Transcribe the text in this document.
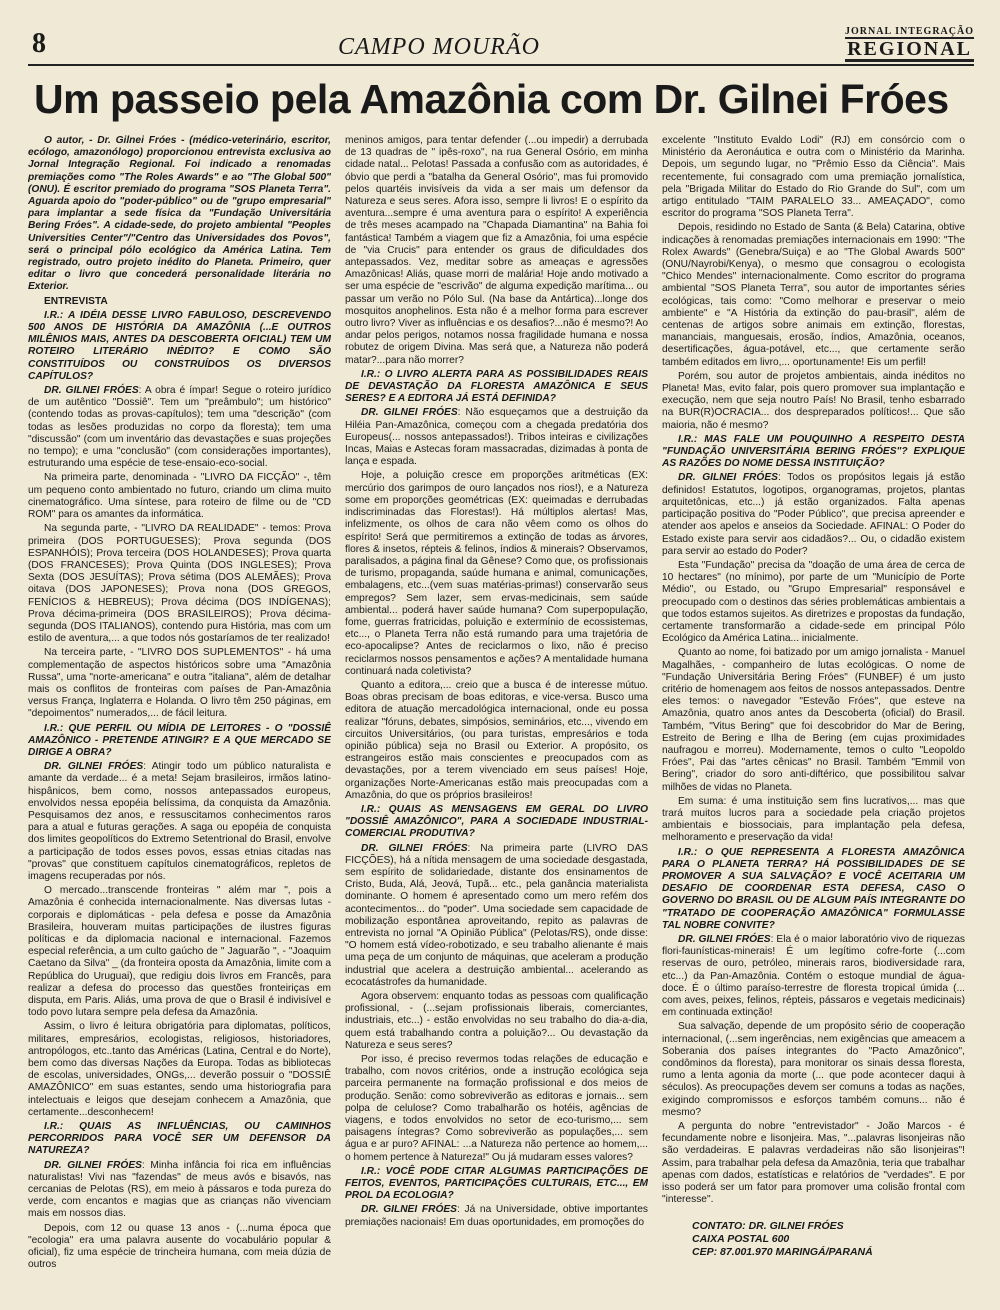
8	CAMPO MOURÃO
JORNAL INTEGRAÇÃO
REGIONAL
Um passeio pela Amazônia com Dr. Gilnei Fróes

O autor, - Dr. Gilnei Fróes - (médico-veterinário, escritor, ecólogo, amazonólogo) proporcionou entrevista exclusiva ao Jornal Integração Regional. Foi indicado a renomadas premiações como "The Roles Awards" e ao "The Global 500" (ONU). É escritor premiado do programa "SOS Planeta Terra". Aguarda apoio do "poder-público" ou de "grupo empresarial" para implantar a sede física da "Fundação Universitária Bering Fróes". A cidade-sede, do projeto ambiental "Peoples Universities Center"/"Centro das Universidades dos Povos", será o principal pólo ecológico da América Latina. Tem registrado, outro projeto inédito do Planeta. Primeiro, quer editar o livro que concederá personalidade literária no Exterior.

ENTREVISTA

I.R.: A IDÉIA DESSE LIVRO FABULOSO, DESCREVENDO 500 ANOS DE HISTÓRIA DA AMAZÔNIA (...E OUTROS MILÊNIOS MAIS, ANTES DA DESCOBERTA OFICIAL) TEM UM ROTEIRO LITERÁRIO INÉDITO? E COMO SÃO CONSTITUÍDOS OU CONSTRUÍDOS OS DIVERSOS CAPÍTULOS?

DR. GILNEI FRÓES: A obra é ímpar! Segue o roteiro jurídico de um autêntico "Dossiê". Tem um "preâmbulo"; um histórico" (contendo todas as provas-capítulos); tem uma "descrição" (com todas as lesões produzidas no corpo da floresta); tem uma "discussão" (com um inventário das devastações e suas projeções no tempo); e uma "conclusão" (com considerações importantes), estruturando uma espécie de tese-ensaio-eco-social.

Na primeira parte, denominada - "LIVRO DA FICÇÃO" -, têm um pequeno conto ambientado no futuro, criando um clima muito cinematográfico. Uma síntese, para roteiro de filme ou de "CD ROM" para os amantes da informática.

Na segunda parte, - "LIVRO DA REALIDADE" - temos: Prova primeira (DOS PORTUGUESES); Prova segunda (DOS ESPANHÓIS); Prova terceira (DOS HOLANDESES); Prova quarta (DOS FRANCESES); Prova Quinta (DOS INGLESES); Prova Sexta (DOS JESUÍTAS); Prova sétima (DOS ALEMÃES); Prova oitava (DOS JAPONESES); Prova nona (DOS GREGOS, FENÍCIOS & HEBREUS); Prova décima (DOS INDÍGENAS); Prova décima-primeira (DOS BRASILEIROS); Prova décima-segunda (DOS ITALIANOS), contendo pura História, mas com um estilo de aventura,... a que todos nós gostaríamos de ter realizado!

Na terceira parte, - "LIVRO DOS SUPLEMENTOS" - há uma complementação de aspectos históricos sobre uma "Amazônia Russa", uma "norte-americana" e outra "italiana", além de detalhar mais os conflitos de fronteiras com países de Pan-Amazônia versus França, Inglaterra e Holanda. O livro têm 250 páginas, em "depoimentos" numerados,... de fácil leitura.

I.R.: QUE PERFIL OU MÍDIA DE LEITORES - O "DOSSIÊ AMAZÔNICO - PRETENDE ATINGIR? E A QUE MERCADO SE DIRIGE A OBRA?

DR. GILNEI FRÓES: Atingir todo um público naturalista e amante da verdade... é a meta! Sejam brasileiros, irmãos latino-hispânicos, bem como, nossos antepassados europeus, envolvidos nessa epopéia belíssima, da conquista da Amazônia. Pesquisamos dez anos, e ressuscitamos conhecimentos raros para a atual e futuras gerações. A saga ou epopéia de conquista dos limites geopolíticos do Extremo Setentrional do Brasil, envolve a participação de todos esses povos, essas etnias citadas nas "provas" que constituem capítulos cinematográficos, repletos de imagens recuperadas por nós.

O mercado...transcende fronteiras " além mar ", pois a Amazônia é conhecida internacionalmente. Nas diversas lutas - corporais e diplomáticas - pela defesa e posse da Amazônia Brasileira, houveram muitas participações de ilustres figuras políticas e da diplomacia nacional e internacional. Fazemos especial referência, a um culto gaúcho de " Jaguarão ", - "Joaquim Caetano da Silva" _ (da fronteira oposta da Amazônia, limite com a República do Uruguai), que redigiu dois livros em Francês, para realizar a defesa do processo das questões fronteiriças em disputa, em Paris. Aliás, uma prova de que o Brasil é indivisível e todo povo lutara sempre pela defesa da Amazônia.

Assim, o livro é leitura obrigatória para diplomatas, políticos, militares, empresários, ecologistas, religiosos, historiadores, antropólogos, etc..tanto das Américas (Latina, Central e do Norte), bem como das diversas Nações da Europa. Todas as bibliotecas de escolas, universidades, ONGs,... deverão possuir o "DOSSIÊ AMAZÔNICO" em suas estantes, sendo uma historiografia para intelectuais e leigos que desejam conhecem a Amazônia, que certamente...desconhecem!

I.R.: QUAIS AS INFLUÊNCIAS, OU CAMINHOS PERCORRIDOS PARA VOCÊ SER UM DEFENSOR DA NATUREZA?

DR. GILNEI FRÓES: Minha infância foi rica em influências naturalistas! Vivi nas "fazendas" de meus avós e bisavós, nas cercanias de Pelotas (RS), em meio à pássaros e toda pureza do verde, com encantos e magias que as crianças não vivenciam mais em nossos dias.

Depois, com 12 ou quase 13 anos - (...numa época que "ecologia" era uma palavra ausente do vocabulário popular & oficial), fiz uma espécie de trincheira humana, com meia dúzia de outros

meninos amigos, para tentar defender (...ou impedir) a derrubada de 13 quadras de " ipês-roxo", na rua General Osório, em minha cidade natal... Pelotas! Passada a confusão com as autoridades, é óbvio que perdi a "batalha da General Osório", mas fui promovido pelos quartéis invisíveis da vida a ser mais um defensor da Natureza e seus seres. Afora isso, sempre li livros! E o espírito da aventura...sempre é uma aventura para o espírito! A experiência de três meses acampado na "Chapada Diamantina" na Bahia foi fantástica! Também a viagem que fiz a Amazônia, foi uma espécie de "via Crucis" para entender os graus de dificuldades dos antepassados. Vez, meditar sobre as ameaças e agressões Amazônicas! Aliás, quase morri de malária! Hoje ando motivado a ser uma espécie de "escrivão" de alguma expedição marítima... ou passar um verão no Pólo Sul. (Na base da Antártica)...longe dos mosquitos anophelinos. Esta não é a melhor forma para escrever outro livro? Viver as influências e os desafios?...não é mesmo?! Ao andar pelos perigos, notamos nossa fragilidade humana e nossa robutez de origem Divina. Mas será que, a Natureza não poderá matar?...para não morrer?

I.R.: O LIVRO ALERTA PARA AS POSSIBILIDADES REAIS DE DEVASTAÇÃO DA FLORESTA AMAZÔNICA E SEUS SERES? E A EDITORA JÁ ESTÁ DEFINIDA?

DR. GILNEI FRÓES: Não esqueçamos que a destruição da Hiléia Pan-Amazônica, começou com a chegada predatória dos Europeus(... nossos antepassados!). Tribos inteiras e civilizações Incas, Maias e Astecas foram massacradas, dizimadas à ponta de lança e espada.

Hoje, a poluição cresce em proporções aritméticas (EX: mercúrio dos garimpos de ouro lançados nos rios!), e a Natureza some em proporções geométricas (EX: queimadas e derrubadas indiscriminadas das Florestas!). Há múltiplos alertas! Mas, infelizmente, os olhos de cara não vêem como os olhos do espírito! Será que permitiremos a extinção de todas as árvores, flores & insetos, répteis & felinos, índios & minerais? Observamos, paralisados, a página final da Gênese? Como que, os profissionais de turismo, propaganda, saúde humana e animal, comunicações, embalagens, etc...(vem suas matérias-primas!) conservarão seus empregos? Sem lazer, sem ervas-medicinais, sem saúde ambiental... poderá haver saúde humana? Com superpopulação, fome, guerras fratricidas, poluição e extermínio de ecossistemas, etc..., o Planeta Terra não está rumando para uma trajetória de eco-apocalipse? Antes de reciclarmos o lixo, não é preciso reciclarmos nossos pensamentos e ações? A mentalidade humana continuará nada coletivista?

Quanto a editora,... creio que a busca é de interesse mútuo. Boas obras precisam de boas editoras, e vice-versa. Busco uma editora de atuação mercadológica internacional, onde eu possa realizar "fóruns, debates, simpósios, seminários, etc..., vivendo em circuitos Universitários, (ou para turistas, empresários e toda opinião pública) seja no Brasil ou Exterior. A propósito, os estrangeiros estão mais conscientes e preocupados com as devastações, por a terem vivenciado em seus países! Hoje, organizações Norte-Americanas estão mais preocupadas com a Amazônia, do que os próprios brasileiros!

I.R.: QUAIS AS MENSAGENS EM GERAL DO LIVRO "DOSSIÊ AMAZÔNICO", PARA A SOCIEDADE INDUSTRIAL-COMERCIAL PRODUTIVA?

DR. GILNEI FRÓES: Na primeira parte (LIVRO DAS FICÇÕES), há a nítida mensagem de uma sociedade desgastada, sem espírito de solidariedade, distante dos ensinamentos de Cristo, Buda, Alá, Jeová, Tupã... etc., pela ganância materialista dominante. O homem é apresentado como um mero refém dos acontecimentos... do "poder". Uma sociedade sem capacidade de mobilização espontânea aproveitando, repito as palavras de entrevista no jornal "A Opinião Pública" (Pelotas/RS), onde disse: "O homem está vídeo-robotizado, e seu trabalho alienante é mais uma peça de um conjunto de máquinas, que aceleram a produção industrial que acelera a destruição ambiental... acelerando as ecocatástrofes da humanidade.

Agora observem: enquanto todas as pessoas com qualificação profissional, - (...sejam profissionais liberais, comerciantes, industriais, etc...) - estão envolvidas no seu trabalho do dia-a-dia, quem está trabalhando contra a poluição?... Ou devastação da Natureza e seus seres?

Por isso, é preciso revermos todas relações de educação e trabalho, com novos critérios, onde a instrução ecológica seja parceira permanente na formação profissional e dos meios de produção. Senão: como sobreviverão as editoras e jornais... sem polpa de celulose? Como trabalharão os hotéis, agências de viagens, e todos envolvidos no setor de eco-turismo,... sem paisagens íntegras? Como sobreviverão as populações,... sem água e ar puro? AFINAL: ...a Natureza não pertence ao homem,... o homem pertence à Natureza!" Ou já mudaram esses valores?

I.R.: VOCÊ PODE CITAR ALGUMAS PARTICIPAÇÕES DE FEITOS, EVENTOS, PARTICIPAÇÕES CULTURAIS, ETC..., EM PROL DA ECOLOGIA?

DR. GILNEI FRÓES: Já na Universidade, obtive importantes premiações nacionais! Em duas oportunidades, em promoções do

excelente "Instituto Evaldo Lodi" (RJ) em consórcio com o Ministério da Aeronáutica e outra com o Ministério da Marinha. Depois, um segundo lugar, no "Prêmio Esso da Ciência". Mais recentemente, fui consagrado com uma premiação jornalística, pela "Brigada Militar do Estado do Rio Grande do Sul", com um artigo entitulado "TAIM PARALELO 33... AMEAÇADO", como escritor do programa "SOS Planeta Terra".

Depois, residindo no Estado de Santa (& Bela) Catarina, obtive indicações à renomadas premiações internacionais em 1990: "The Rolex Awards" (Genebra/Suiça) e ao "The Global Awards 500" (ONU/Nayrobi/Kenya), o mesmo que consagrou o ecologista "Chico Mendes" internacionalmente. Como escritor do programa ambiental "SOS Planeta Terra", sou autor de importantes séries ecológicas, tais como: "Como melhorar e preservar o meio ambiente" e "A História da extinção do pau-brasil", além de centenas de artigos sobre animais em extinção, florestas, mananciais, manguesais, erosão, índios, Amazônia, oceanos, desertificações, água-potável, etc..., que certamente serão também editados em livro,... oportunamente! Eis um perfil!

Porém, sou autor de projetos ambientais, ainda inéditos no Planeta! Mas, evito falar, pois quero promover sua implantação e execução, nem que seja noutro País! No Brasil, tenho esbarrado na BUR(R)OCRACIA... dos despreparados políticos!... Que são maioria, não é mesmo?

I.R.: MAS FALE UM POUQUINHO A RESPEITO DESTA "FUNDAÇÃO UNIVERSITÁRIA BERING FRÓES"? EXPLIQUE AS RAZÕES DO NOME DESSA INSTITUIÇÃO?

DR. GILNEI FRÓES: Todos os propósitos legais já estão definidos! Estatutos, logotipos, organogramas, projetos, plantas arquitetônicas, etc...) já estão organizados. Falta apenas participação positiva do "Poder Público", que precisa apreender e atender aos apelos e anseios da Sociedade. AFINAL: O Poder do Estado existe para servir aos cidadãos?... Ou, o cidadão existem para servir ao estado do Poder?

Esta "Fundação" precisa da "doação de uma área de cerca de 10 hectares" (no mínimo), por parte de um "Município de Porte Médio", ou Estado, ou "Grupo Empresarial" responsável e preocupado com o destinos das séries problemáticas ambientais a que todos estamos sujeitos. As diretrizes e propostas da fundação, certamente transformarão a cidade-sede em principal Pólo Ecológico da América Latina... inicialmente.

Quanto ao nome, foi batizado por um amigo jornalista - Manuel Magalhães, - companheiro de lutas ecológicas. O nome de "Fundação Universitária Bering Fróes" (FUNBEF) é um justo critério de homenagem aos feitos de nossos antepassados. Dentre eles temos: o navegador "Estevão Fróes", que esteve na Amazônia, quatro anos antes da Descoberta (oficial) do Brasil. Também, "Vitus Bering" que foi descobridor do Mar de Bering, Estreito de Bering e Ilha de Bering (em cujas proximidades naufragou e morreu). Modernamente, temos o culto "Leopoldo Fróes", Pai das "artes cênicas" no Brasil. Também "Emmil von Bering", criador do soro anti-diftérico, que possibilitou salvar milhões de vidas no Planeta.

Em suma: é uma instituição sem fins lucrativos,... mas que trará muitos lucros para a sociedade pela criação projetos ambientais e biossociais, para implantação pela defesa, melhoramento e preservação da vida!

I.R.: O QUE REPRESENTA A FLORESTA AMAZÔNICA PARA O PLANETA TERRA? HÁ POSSIBILIDADES DE SE PROMOVER A SUA SALVAÇÃO? E VOCÊ ACEITARIA UM DESAFIO DE COORDENAR ESTA DEFESA, CASO O GOVERNO DO BRASIL OU DE ALGUM PAÍS INTEGRANTE DO "TRATADO DE COOPERAÇÃO AMAZÔNICA" FORMULASSE TAL NOBRE CONVITE?

DR. GILNEI FRÓES: Ela é o maior laboratório vivo de riquezas flori-faunísticas-minerais! É um legítimo cofre-forte (...com reservas de ouro, petróleo, minerais raros, biodiversidade rara, etc...) da Pan-Amazônia. Contém o estoque mundial de água-doce. É o último paraíso-terrestre de floresta tropical úmida (... com aves, peixes, felinos, répteis, pássaros e vegetais medicinais) em continuada extinção!

Sua salvação, depende de um propósito sério de cooperação internacional, (...sem ingerências, nem exigências que ameacem a Soberania dos países integrantes do "Pacto Amazônico", condôminos da floresta), para monitorar os sinais dessa floresta, rumo a lenta agonia da morte (... que pode acontecer daqui à séculos). As preocupações devem ser comuns a todas as nações, exigindo compromissos e esforços também comuns... não é mesmo?

A pergunta do nobre "entrevistador" - João Marcos - é fecundamente nobre e lisonjeira. Mas, "...palavras lisonjeiras não são verdadeiras. E palavras verdadeiras não são lisonjeiras"! Assim, para trabalhar pela defesa da Amazônia, teria que trabalhar apenas com dados, estatísticas e relatórios de "verdades". E por isso poderá ser um fator para promover uma colisão frontal com "interesse".

CONTATO: DR. GILNEI FRÓES
CAIXA POSTAL 600
CEP: 87.001.970 MARINGÁ/PARANÁ
